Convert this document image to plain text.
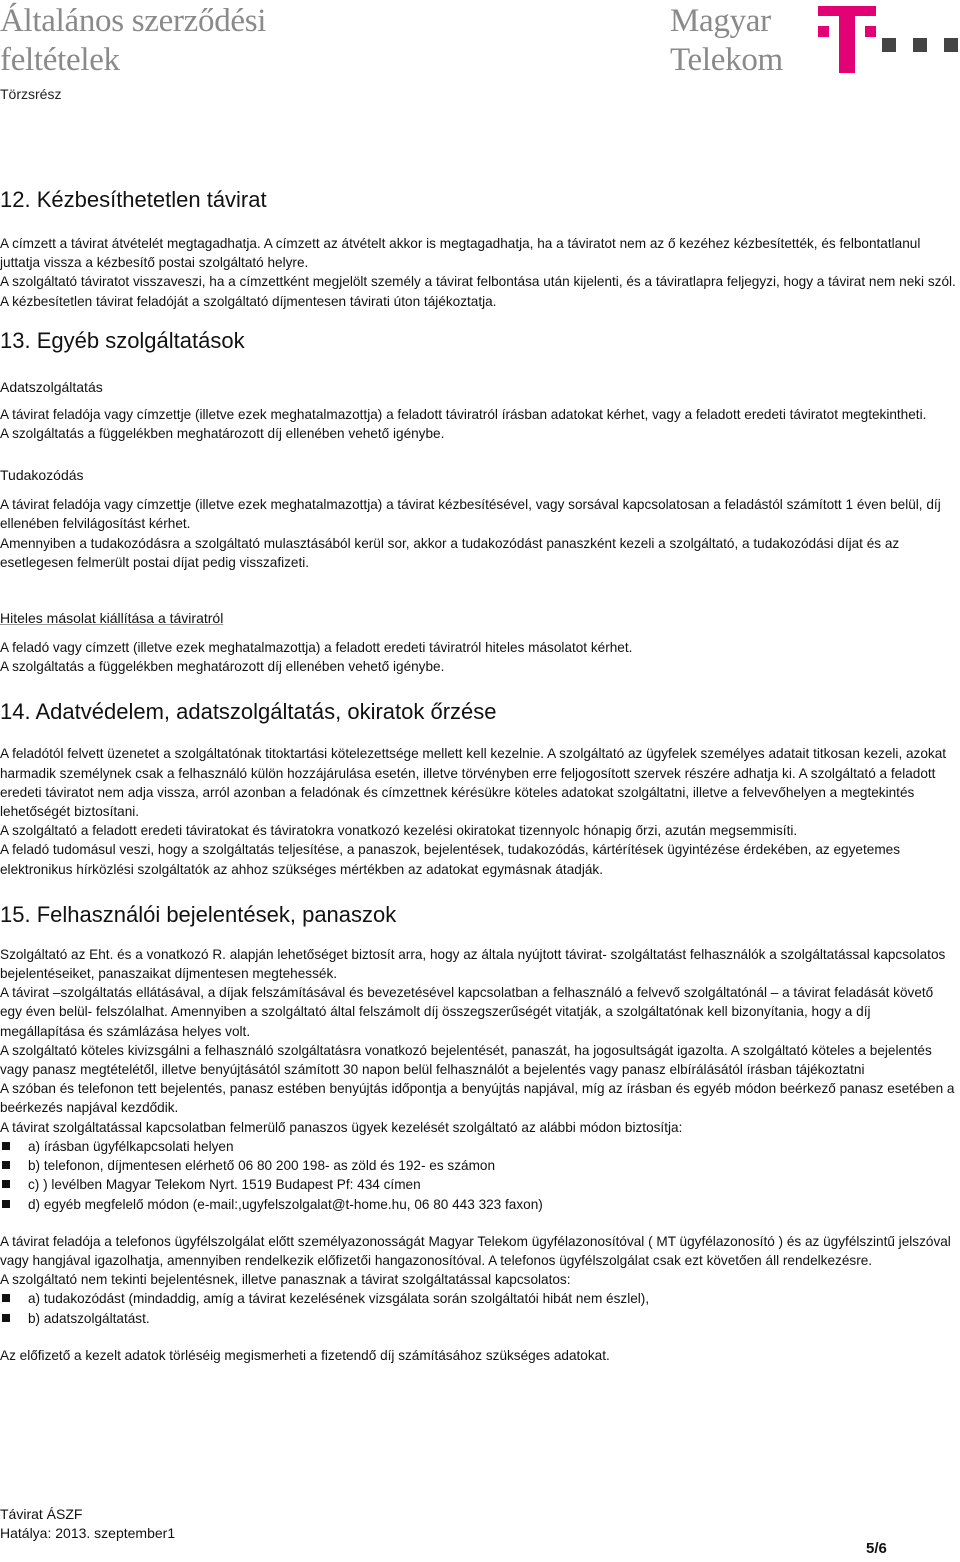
Általános szerződési
feltételek
Törzsrész
Magyar
Telekom
12. Kézbesíthetetlen távirat

A címzett a távirat átvételét megtagadhatja. A címzett az átvételt akkor is megtagadhatja, ha a táviratot nem az ő kezéhez kézbesítették, és felbontatlanul juttatja vissza a kézbesítő postai szolgáltató helyre.

A szolgáltató táviratot visszaveszi, ha a címzettként megjelölt személy a távirat felbontása után kijelenti, és a táviratlapra feljegyzi, hogy a távirat nem neki szól. A kézbesítetlen távirat feladóját a szolgáltató díjmentesen távirati úton tájékoztatja.

13. Egyéb szolgáltatások
Adatszolgáltatás

A távirat feladója vagy címzettje (illetve ezek meghatalmazottja) a feladott táviratról írásban adatokat kérhet, vagy a feladott eredeti táviratot megtekintheti.

A szolgáltatás a függelékben meghatározott díj ellenében vehető igénybe.

Tudakozódás

A távirat feladója vagy címzettje (illetve ezek meghatalmazottja) a távirat kézbesítésével, vagy sorsával kapcsolatosan a feladástól számított 1 éven belül, díj ellenében felvilágosítást kérhet.

Amennyiben a tudakozódásra a szolgáltató mulasztásából kerül sor, akkor a tudakozódást panaszként kezeli a szolgáltató, a tudakozódási díjat és az esetlegesen felmerült postai díjat pedig visszafizeti.

Hiteles másolat kiállítása a táviratról

A feladó vagy címzett (illetve ezek meghatalmazottja) a feladott eredeti táviratról hiteles másolatot kérhet.

A szolgáltatás a függelékben meghatározott díj ellenében vehető igénybe.

14. Adatvédelem, adatszolgáltatás, okiratok őrzése

A feladótól felvett üzenetet a szolgáltatónak titoktartási kötelezettsége mellett kell kezelnie. A szolgáltató az ügyfelek személyes adatait titkosan kezeli, azokat harmadik személynek csak a felhasználó külön hozzájárulása esetén, illetve törvényben erre feljogosított szervek részére adhatja ki. A szolgáltató a feladott eredeti táviratot nem adja vissza, arról azonban a feladónak és címzettnek kérésükre köteles adatokat szolgáltatni, illetve a felvevőhelyen a megtekintés lehetőségét biztosítani.

A szolgáltató a feladott eredeti táviratokat és táviratokra vonatkozó kezelési okiratokat tizennyolc hónapig őrzi, azután megsemmisíti.

A feladó tudomásul veszi, hogy a szolgáltatás teljesítése, a panaszok, bejelentések, tudakozódás, kártérítések ügyintézése érdekében, az egyetemes elektronikus hírközlési szolgáltatók az ahhoz szükséges mértékben az adatokat egymásnak átadják.

15. Felhasználói bejelentések, panaszok

Szolgáltató az Eht. és a vonatkozó R. alapján lehetőséget biztosít arra, hogy az általa nyújtott távirat- szolgáltatást felhasználók a szolgáltatással kapcsolatos bejelentéseiket, panaszaikat díjmentesen megtehessék.

A távirat –szolgáltatás ellátásával, a díjak felszámításával és bevezetésével kapcsolatban a felhasználó a felvevő szolgáltatónál – a távirat feladását követő egy éven belül- felszólalhat. Amennyiben a szolgáltató által felszámolt díj összegszerűségét vitatják, a szolgáltatónak kell bizonyítania, hogy a díj megállapítása és számlázása helyes volt.

A szolgáltató köteles kivizsgálni a felhasználó szolgáltatásra vonatkozó bejelentését, panaszát, ha jogosultságát igazolta. A szolgáltató köteles a bejelentés vagy panasz megtételétől, illetve benyújtásától számított 30 napon belül felhasználót a bejelentés vagy panasz elbírálásától írásban tájékoztatni

A szóban és telefonon tett bejelentés, panasz estében benyújtás időpontja a benyújtás napjával, míg az írásban és egyéb módon beérkező panasz esetében a beérkezés napjával kezdődik.

A távirat szolgáltatással kapcsolatban felmerülő panaszos ügyek kezelését szolgáltató az alábbi módon biztosítja:

a) írásban ügyfélkapcsolati helyen
b) telefonon, díjmentesen elérhető 06 80 200 198- as zöld és 192- es számon
c) ) levélben Magyar Telekom Nyrt. 1519 Budapest Pf: 434 címen
d) egyéb megfelelő módon (e-mail:,ugyfelszolgalat@t-home.hu, 06 80 443 323 faxon)

A távirat feladója a telefonos ügyfélszolgálat előtt személyazonosságát Magyar Telekom ügyfélazonosítóval ( MT ügyfélazonosító ) és az ügyfélszintű jelszóval vagy hangjával igazolhatja, amennyiben rendelkezik előfizetői hangazonosítóval. A telefonos ügyfélszolgálat csak ezt követően áll rendelkezésre.

A szolgáltató nem tekinti bejelentésnek, illetve panasznak a távirat szolgáltatással kapcsolatos:

a) tudakozódást (mindaddig, amíg a távirat kezelésének vizsgálata során szolgáltatói hibát nem észlel),
b) adatszolgáltatást.

Az előfizető a kezelt adatok törléséig megismerheti a fizetendő díj számításához szükséges adatokat.

Távirat ÁSZF
Hatálya: 2013. szeptember1
5/6
